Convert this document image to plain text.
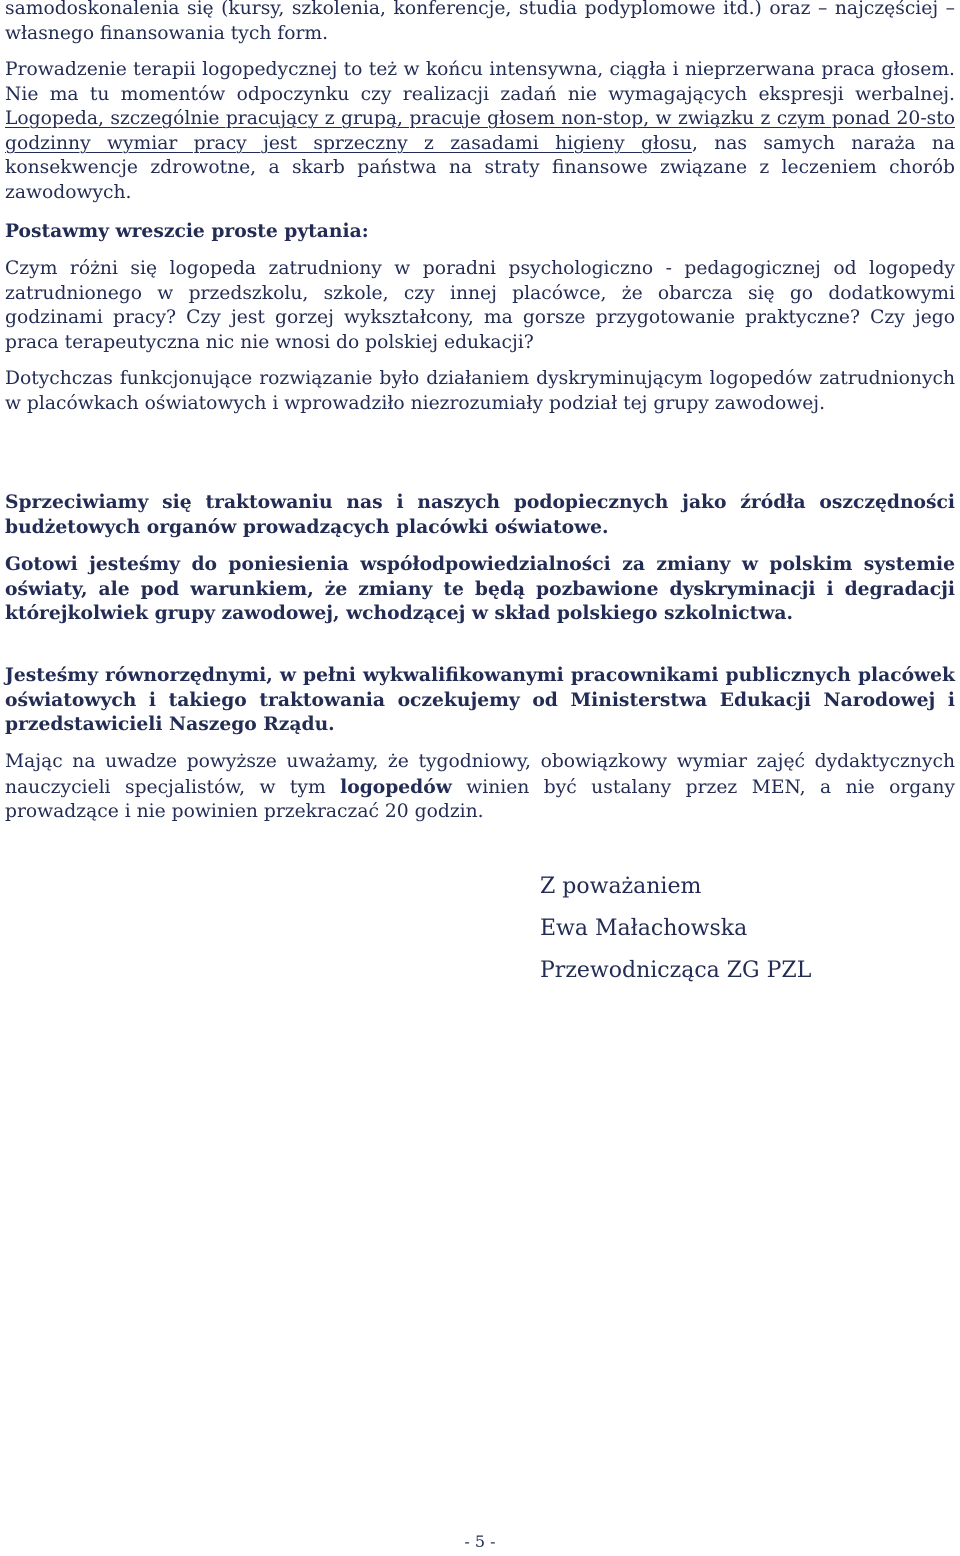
samodoskonalenia się (kursy, szkolenia, konferencje, studia podyplomowe itd.) oraz – najczęściej – własnego finansowania tych form.

Prowadzenie terapii logopedycznej to też w końcu intensywna, ciągła i nieprzerwana praca głosem. Nie ma tu momentów odpoczynku czy realizacji zadań nie wymagających ekspresji werbalnej. Logopeda, szczególnie pracujący z grupą, pracuje głosem non-stop, w związku z czym ponad 20-sto godzinny wymiar pracy jest sprzeczny z zasadami higieny głosu, nas samych naraża na konsekwencje zdrowotne, a skarb państwa na straty finansowe związane z leczeniem chorób zawodowych.

Postawmy wreszcie proste pytania:

Czym różni się logopeda zatrudniony w poradni psychologiczno - pedagogicznej od logopedy zatrudnionego w przedszkolu, szkole, czy innej placówce, że obarcza się go dodatkowymi godzinami pracy? Czy jest gorzej wykształcony, ma gorsze przygotowanie praktyczne? Czy jego praca terapeutyczna nic nie wnosi do polskiej edukacji?

Dotychczas funkcjonujące rozwiązanie było działaniem dyskryminującym logopedów zatrudnionych w placówkach oświatowych i wprowadziło niezrozumiały podział tej grupy zawodowej.

Sprzeciwiamy się traktowaniu nas i naszych podopiecznych jako źródła oszczędności budżetowych organów prowadzących placówki oświatowe.

Gotowi jesteśmy do poniesienia współodpowiedzialności za zmiany w polskim systemie oświaty, ale pod warunkiem, że zmiany te będą pozbawione dyskryminacji i degradacji którejkolwiek grupy zawodowej, wchodzącej w skład polskiego szkolnictwa.

Jesteśmy równorzędnymi, w pełni wykwalifikowanymi pracownikami publicznych placówek oświatowych i takiego traktowania oczekujemy od Ministerstwa Edukacji Narodowej i przedstawicieli Naszego Rządu.

Mając na uwadze powyższe uważamy, że tygodniowy, obowiązkowy wymiar zajęć dydaktycznych nauczycieli specjalistów, w tym logopedów winien być ustalany przez MEN, a nie organy prowadzące i nie powinien przekraczać 20 godzin.

Z poważaniem

Ewa Małachowska

Przewodnicząca ZG PZL

- 5 -
